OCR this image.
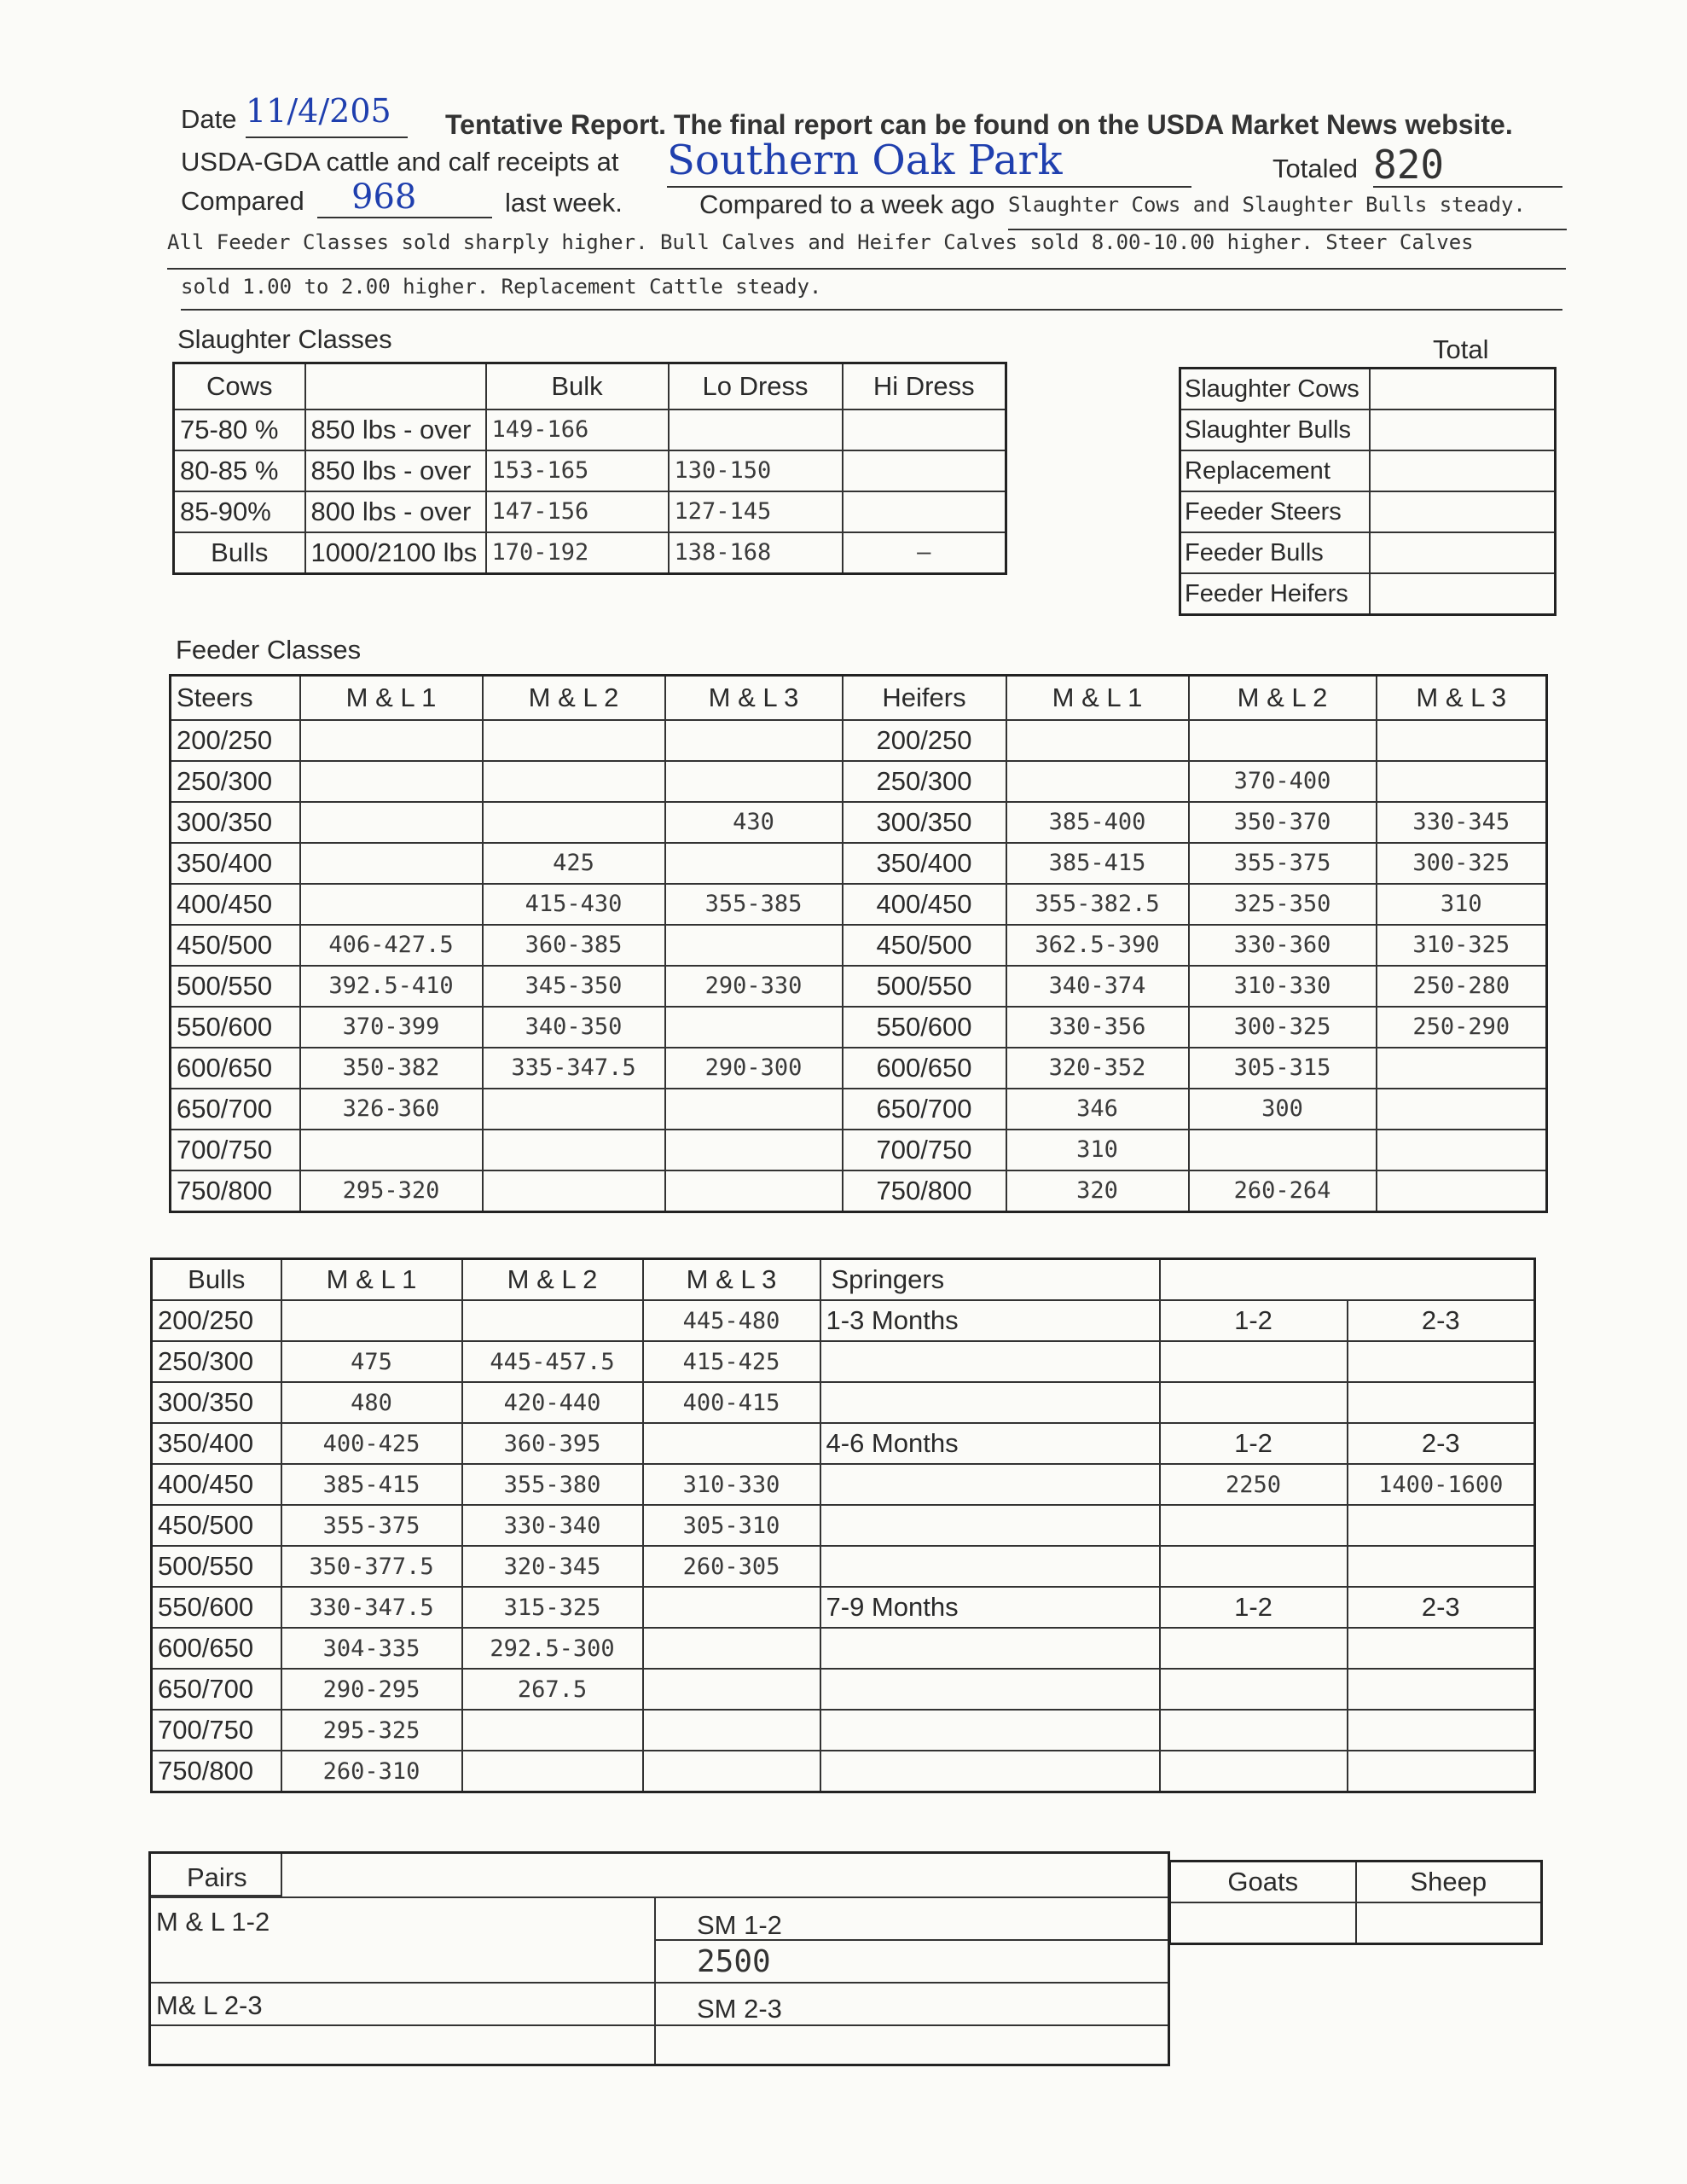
Date 11/4/205	Tentative Report. The final report can be found on the USDA Market News website.
USDA-GDA cattle and calf receipts at Southern Oak Park	Totaled 820
Compared	968	last week.	Compared to a week ago Slaughter Cows and Slaughter Bulls steady.
All Feeder Classes sold sharply higher. Bull Calves and Heifer Calves sold 8.00-10.00 higher. Steer Calves
sold 1.00 to 2.00 higher. Replacement Cattle steady.
Slaughter Classes
Cows		Bulk	Lo Dress	Hi Dress
75-80 %	850 lbs - over	149-166		
80-85 %	850 lbs - over	153-165	130-150	
85-90%	800 lbs - over	147-156	127-145	
Bulls	1000/2100 lbs	170-192	138-168	—
Total
Slaughter Cows	
Slaughter Bulls	
Replacement	
Feeder Steers	
Feeder Bulls	
Feeder Heifers	
Feeder Classes
Steers	M & L 1	M & L 2	M & L 3	Heifers	M & L 1	M & L 2	M & L 3
200/250				200/250			
250/300				250/300		370-400	
300/350			430	300/350	385-400	350-370	330-345
350/400		425		350/400	385-415	355-375	300-325
400/450		415-430	355-385	400/450	355-382.5	325-350	310
450/500	406-427.5	360-385		450/500	362.5-390	330-360	310-325
500/550	392.5-410	345-350	290-330	500/550	340-374	310-330	250-280
550/600	370-399	340-350		550/600	330-356	300-325	250-290
600/650	350-382	335-347.5	290-300	600/650	320-352	305-315	
650/700	326-360			650/700	346	300	
700/750				700/750	310		
750/800	295-320			750/800	320	260-264	
Bulls	M & L 1	M & L 2	M & L 3	Springers		
200/250			445-480	1-3 Months	1-2	2-3
250/300	475	445-457.5	415-425			
300/350	480	420-440	400-415			
350/400	400-425	360-395		4-6 Months	1-2	2-3
400/450	385-415	355-380	310-330		2250	1400-1600
450/500	355-375	330-340	305-310			
500/550	350-377.5	320-345	260-305			
550/600	330-347.5	315-325		7-9 Months	1-2	2-3
600/650	304-335	292.5-300				
650/700	290-295	267.5				
700/750	295-325					
750/800	260-310					
Pairs
M & L 1-2	SM 1-2
2500
M& L 2-3	SM 2-3
Goats	Sheep
